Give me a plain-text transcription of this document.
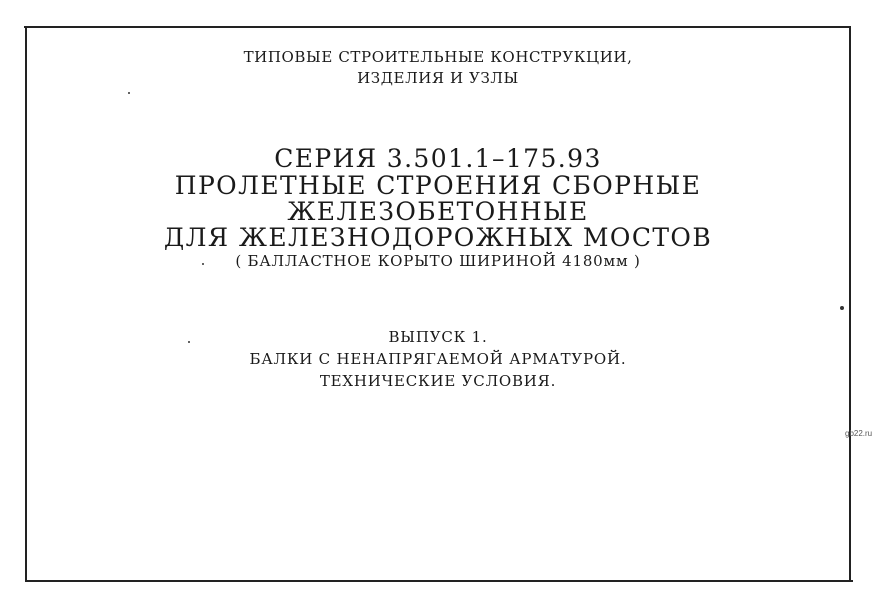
ТИПОВЫЕ СТРОИТЕЛЬНЫЕ КОНСТРУКЦИИ,
ИЗДЕЛИЯ И УЗЛЫ
СЕРИЯ 3.501.1–175.93
ПРОЛЕТНЫЕ СТРОЕНИЯ СБОРНЫЕ
ЖЕЛЕЗОБЕТОННЫЕ
ДЛЯ ЖЕЛЕЗНОДОРОЖНЫХ МОСТОВ
( БАЛЛАСТНОЕ КОРЫТО ШИРИНОЙ 4180мм )
ВЫПУСК 1.
БАЛКИ С НЕНАПРЯГАЕМОЙ АРМАТУРОЙ.
ТЕХНИЧЕСКИЕ УСЛОВИЯ.
gb22.ru
